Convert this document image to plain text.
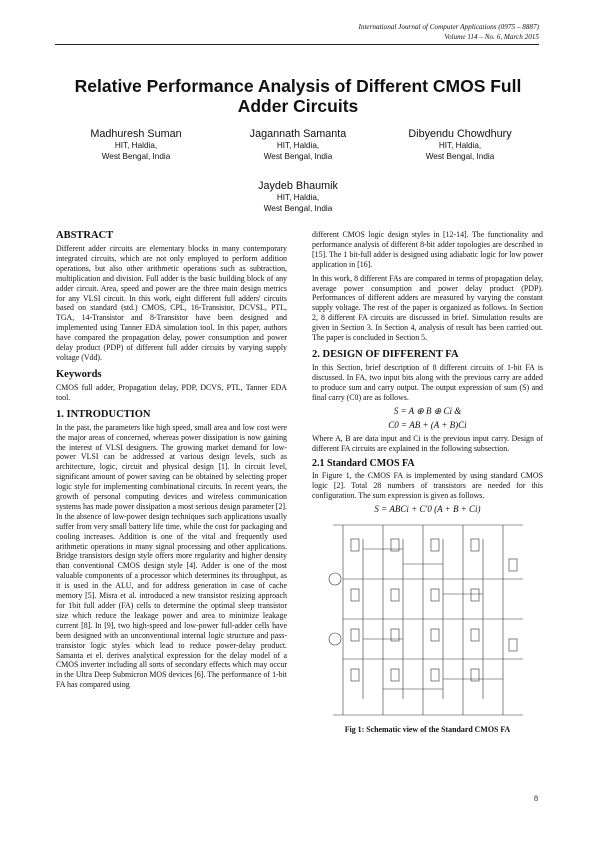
International Journal of Computer Applications (0975 – 8887)
Volume 114 – No. 6, March 2015
Relative Performance Analysis of Different CMOS Full Adder Circuits
Madhuresh Suman
HIT, Haldia,
West Bengal, India
Jagannath Samanta
HIT, Haldia,
West Bengal, India
Dibyendu Chowdhury
HIT, Haldia,
West Bengal, India
Jaydeb Bhaumik
HIT, Haldia,
West Bengal, India
ABSTRACT

Different adder circuits are elementary blocks in many contemporary integrated circuits, which are not only employed to perform addition operations, but also other arithmetic operations such as subtraction, multiplication and division. Full adder is the basic building block of any adder circuit. Area, speed and power are the three main design metrics for any VLSI circuit. In this work, eight different full adders' circuits based on standard (std.) CMOS, CPL, 16-Transistor, DCVSL, PTL, TGA, 14-Transistor and 8-Transistor have been designed and implemented using Tanner EDA simulation tool. In this paper, authors have compared the propagation delay, power consumption and power delay product (PDP) of different full adder circuits by varying supply voltage (Vdd).

Keywords

CMOS full adder, Propagation delay, PDP, DCVS, PTL, Tanner EDA tool.

1. INTRODUCTION

In the past, the parameters like high speed, small area and low cost were the major areas of concerned, whereas power dissipation is now gaining the interest of VLSI designers. The growing market demand for low-power VLSI can be addressed at various design levels, such as architecture, logic, circuit and physical design [1]. In circuit level, significant amount of power saving can be obtained by selecting proper logic style for implementing combinational circuits. In recent years, the growth of personal computing devices and wireless communication systems has made power dissipation a most serious design parameter [2]. In the absence of low-power design techniques such applications usually suffer from very small battery life time, while the cost for packaging and cooling increases. Addition is one of the vital and frequently used arithmetic operations in many signal processing and other applications. Bridge transistors design style offers more regularity and higher density than conventional CMOS design style [4]. Adder is one of the most valuable components of a processor which determines its throughput, as it is used in the ALU, and for address generation in case of cache memory [5]. Misra et al. introduced a new transistor resizing approach for 1bit full adder (FA) cells to determine the optimal sleep transistor size which reduce the leakage power and area to minimize leakage current [8]. In [9], two high-speed and low-power full-adder cells have been designed with an unconventional internal logic structure and pass-transistor logic styles which lead to reduce power-delay product. Samanta et el. derives analytical expression for the delay model of a CMOS inverter including all sorts of secondary effects which may occur in the Ultra Deep Submicron MOS devices [6]. The performance of 1-bit FA has compared using

different CMOS logic design styles in [12-14]. The functionality and performance analysis of different 8-bit adder topologies are described in [15]. The 1 bit-full adder is designed using adiabatic logic for low power application in [16].

In this work, 8 different FAs are compared in terms of propagation delay, average power consumption and power delay product (PDP). Performances of different adders are measured by varying the constant supply voltage. The rest of the paper is organized as follows. In Section 2, 8 different FA circuits are discussed in brief. Simulation results are given in Section 3. In Section 4, analysis of result has been carried out. The paper is concluded in Section 5.

2. DESIGN OF DIFFERENT FA

In this Section, brief description of 8 different circuits of 1-bit FA is discussed. In FA, two input bits along with the previous carry are added to produce sum and carry output. The output expression of sum (S) and final carry (C0) are as follows.

S = A ⊕ B ⊕ Ci &
C0 = AB + (A + B)Ci

Where A, B are data input and Ci is the previous input carry. Design of different FA circuits are explained in the following subsection.

2.1 Standard CMOS FA

In Figure 1, the CMOS FA is implemented by using standard CMOS logic [2]. Total 28 numbers of transistors are needed for this configuration. The sum expression is given as follows.

S = ABCi + C'0 (A + B + Ci)
Fig 1: Schematic view of the Standard CMOS FA
8
